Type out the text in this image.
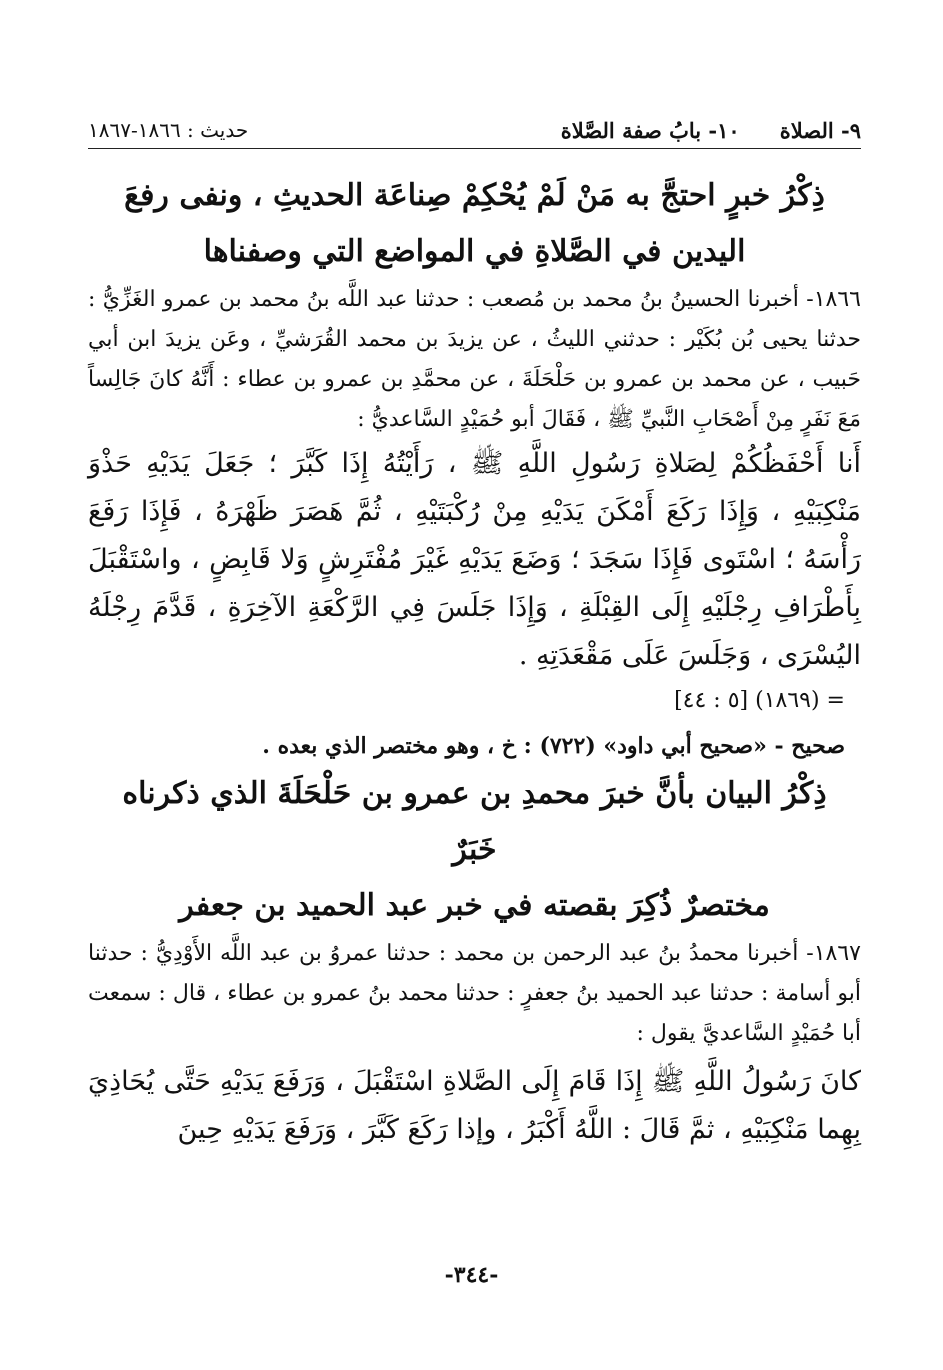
٩- الصلاة
١٠- بابُ صفة الصَّلاة
حديث : ١٨٦٦-١٨٦٧
ذِكْرُ خبرٍ احتجَّ به مَنْ لَمْ يُحْكِمْ صِناعَة الحديثِ ، ونفى رفعَ
اليدين في الصَّلاةِ في المواضع التي وصفناها

١٨٦٦- أخبرنا الحسينُ بنُ محمد بن مُصعب : حدثنا عبد اللَّه بنُ محمد بن عمرو الغَزِّيُّ : حدثنا يحيى بُن بُكَيْر : حدثني الليثُ ، عن يزيدَ بن محمد القُرَشيِّ ، وعَن يزيدَ ابن أبي حَبيب ، عن محمد بن عمرو بن حَلْحَلَةَ ، عن محمَّدِ بن عمرو بن عطاء : أَنَّهُ كانَ جَالِساً مَعَ نَفَرٍ مِنْ أَصْحَابِ النَّبيِّ ﷺ ، فَقَالَ أبو حُمَيْدٍ السَّاعديُّ :

أَنا أَحْفَظُكُمْ لِصَلاةِ رَسُولِ اللَّهِ ﷺ ، رَأَيْتُهُ إِذَا كَبَّرَ ؛ جَعَلَ يَدَيْهِ حَذْوَ مَنْكِبَيْهِ ، وَإِذَا رَكَعَ أَمْكَنَ يَدَيْهِ مِنْ رُكْبَتَيْهِ ، ثُمَّ هَصَرَ ظَهْرَهُ ، فَإِذَا رَفَعَ رَأْسَهُ ؛ اسْتَوى فَإِذَا سَجَدَ ؛ وَضَعَ يَدَيْهِ غَيْرَ مُفْتَرِشٍ وَلا قَابِضٍ ، واسْتَقْبَلَ بِأَطْرَافِ رِجْلَيْهِ إِلَى القِبْلَةِ ، وَإِذَا جَلَسَ فِي الرَّكْعَةِ الآخِرَةِ ، قَدَّمَ رِجْلَهُ اليُسْرَى ، وَجَلَسَ عَلَى مَقْعَدَتِهِ .

= (١٨٦٩) [٥ : ٤٤]

صحيح - «صحيح أبي داود» (٧٢٢) : خ ، وهو مختصر الذي بعده .

ذِكْرُ البيان بأنَّ خبرَ محمدِ بن عمرو بن حَلْحَلَةَ الذي ذكرناه خَبَرٌ
مختصرٌ ذُكِرَ بقصته في خبر عبد الحميد بن جعفر

١٨٦٧- أخبرنا محمدُ بنُ عبد الرحمن بن محمد : حدثنا عمروُ بن عبد اللَّه الأَوْدِيُّ : حدثنا أبو أسامة : حدثنا عبد الحميد بنُ جعفرٍ : حدثنا محمد بنُ عمرو بن عطاء ، قال : سمعت أبا حُمَيْدٍ السَّاعديَّ يقول :

كانَ رَسُولُ اللَّهِ ﷺ إِذَا قَامَ إِلَى الصَّلاةِ اسْتَقْبَلَ ، وَرَفَعَ يَدَيْهِ حَتَّى يُحَاذِيَ بِهِما مَنْكِبَيْهِ ، ثمَّ قَالَ : اللَّهُ أَكْبَرُ ، وإذا رَكَعَ كَبَّرَ ، وَرَفَعَ يَدَيْهِ حِينَ

-٣٤٤-
